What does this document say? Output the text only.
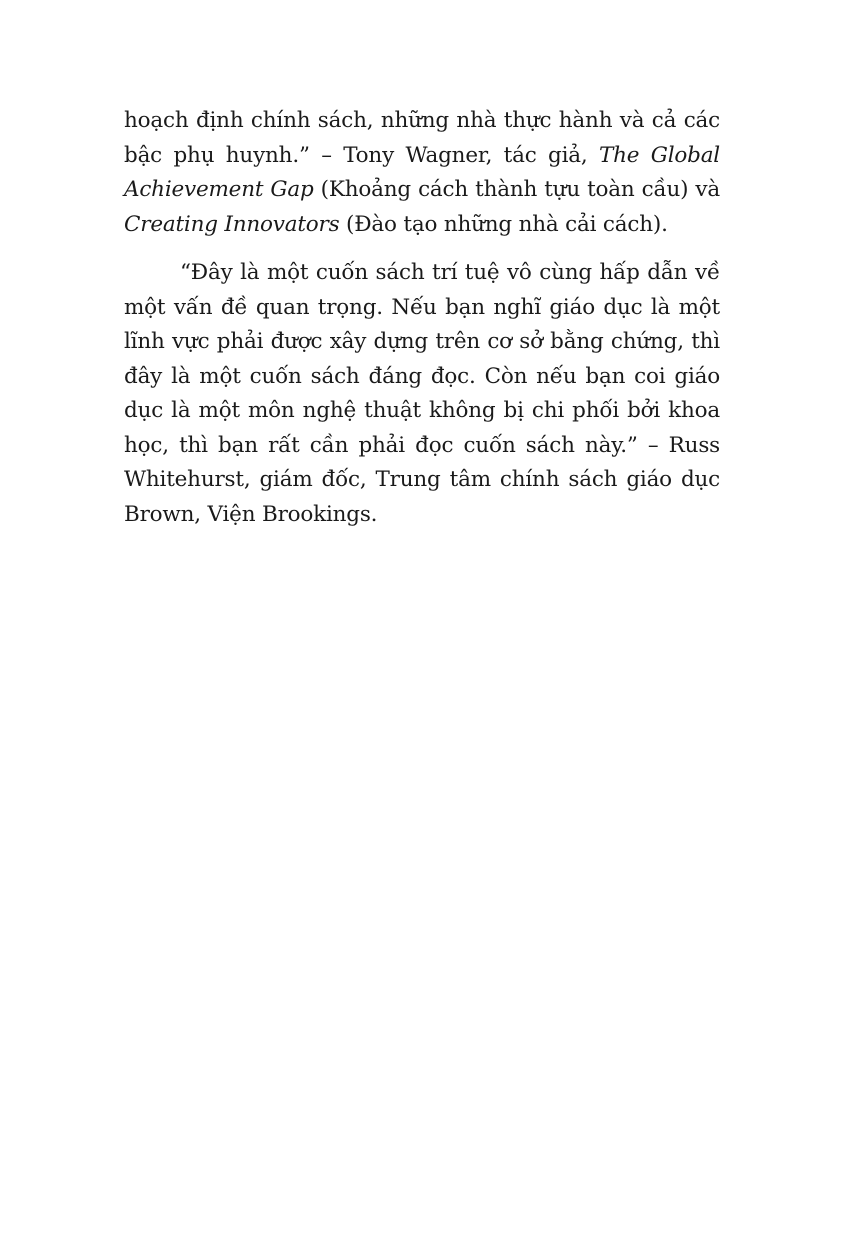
hoạch định chính sách, những nhà thực hành và cả các bậc phụ huynh.” – Tony Wagner, tác giả, The Global Achievement Gap (Khoảng cách thành tựu toàn cầu) và Creating Innovators (Đào tạo những nhà cải cách).

“Đây là một cuốn sách trí tuệ vô cùng hấp dẫn về một vấn đề quan trọng. Nếu bạn nghĩ giáo dục là một lĩnh vực phải được xây dựng trên cơ sở bằng chứng, thì đây là một cuốn sách đáng đọc. Còn nếu bạn coi giáo dục là một môn nghệ thuật không bị chi phối bởi khoa học, thì bạn rất cần phải đọc cuốn sách này.” – Russ Whitehurst, giám đốc, Trung tâm chính sách giáo dục Brown, Viện Brookings.
